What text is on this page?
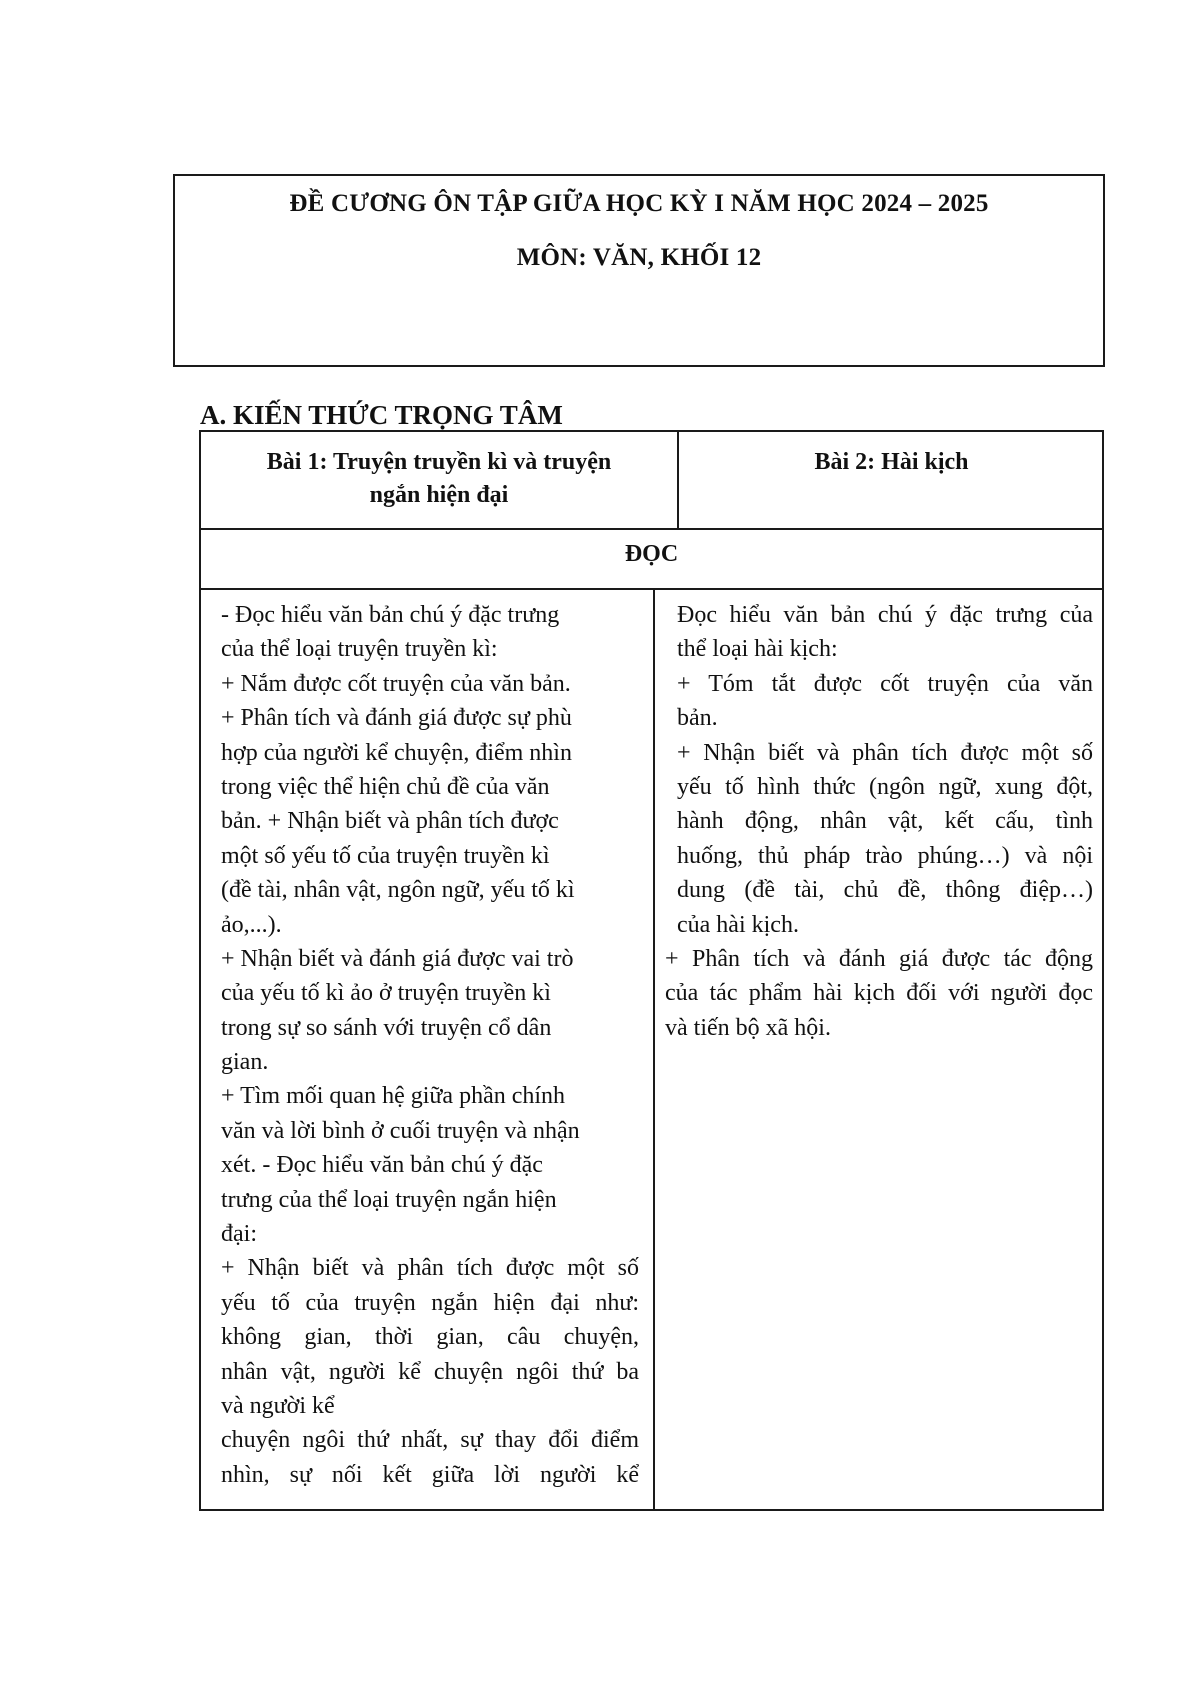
ĐỀ CƯƠNG ÔN TẬP GIỮA HỌC KỲ I NĂM HỌC 2024 – 2025
MÔN: VĂN, KHỐI 12
A. KIẾN THỨC TRỌNG TÂM
Bài 1: Truyện truyền kì và truyện
ngắn hiện đại
Bài 2: Hài kịch
ĐỌC
- Đọc hiểu văn bản chú ý đặc trưng
của thể loại truyện truyền kì:
+ Nắm được cốt truyện của văn bản.
+ Phân tích và đánh giá được sự phù
hợp của người kể chuyện, điểm nhìn
trong việc thể hiện chủ đề của văn
bản. + Nhận biết và phân tích được
một số yếu tố của truyện truyền kì
(đề tài, nhân vật, ngôn ngữ, yếu tố kì
ảo,...).
+ Nhận biết và đánh giá được vai trò
của yếu tố kì ảo ở truyện truyền kì
trong sự so sánh với truyện cổ dân
gian.
+ Tìm mối quan hệ giữa phần chính
văn và lời bình ở cuối truyện và nhận
xét. - Đọc hiểu văn bản chú ý đặc
trưng của thể loại truyện ngắn hiện
đại:
+ Nhận biết và phân tích được một số
yếu tố của truyện ngắn hiện đại như:
không gian, thời gian, câu chuyện,
nhân vật, người kể chuyện ngôi thứ ba
và người kể
chuyện ngôi thứ nhất, sự thay đổi điểm
nhìn, sự nối kết giữa lời người kể
Đọc hiểu văn bản chú ý đặc trưng của
thể loại hài kịch:
+ Tóm tắt được cốt truyện của văn
bản.
+ Nhận biết và phân tích được một số
yếu tố hình thức (ngôn ngữ, xung đột,
hành động, nhân vật, kết cấu, tình
huống, thủ pháp trào phúng…) và nội
dung (đề tài, chủ đề, thông điệp…)
của hài kịch.
+ Phân tích và đánh giá được tác động
của tác phẩm hài kịch đối với người đọc
và tiến bộ xã hội.
